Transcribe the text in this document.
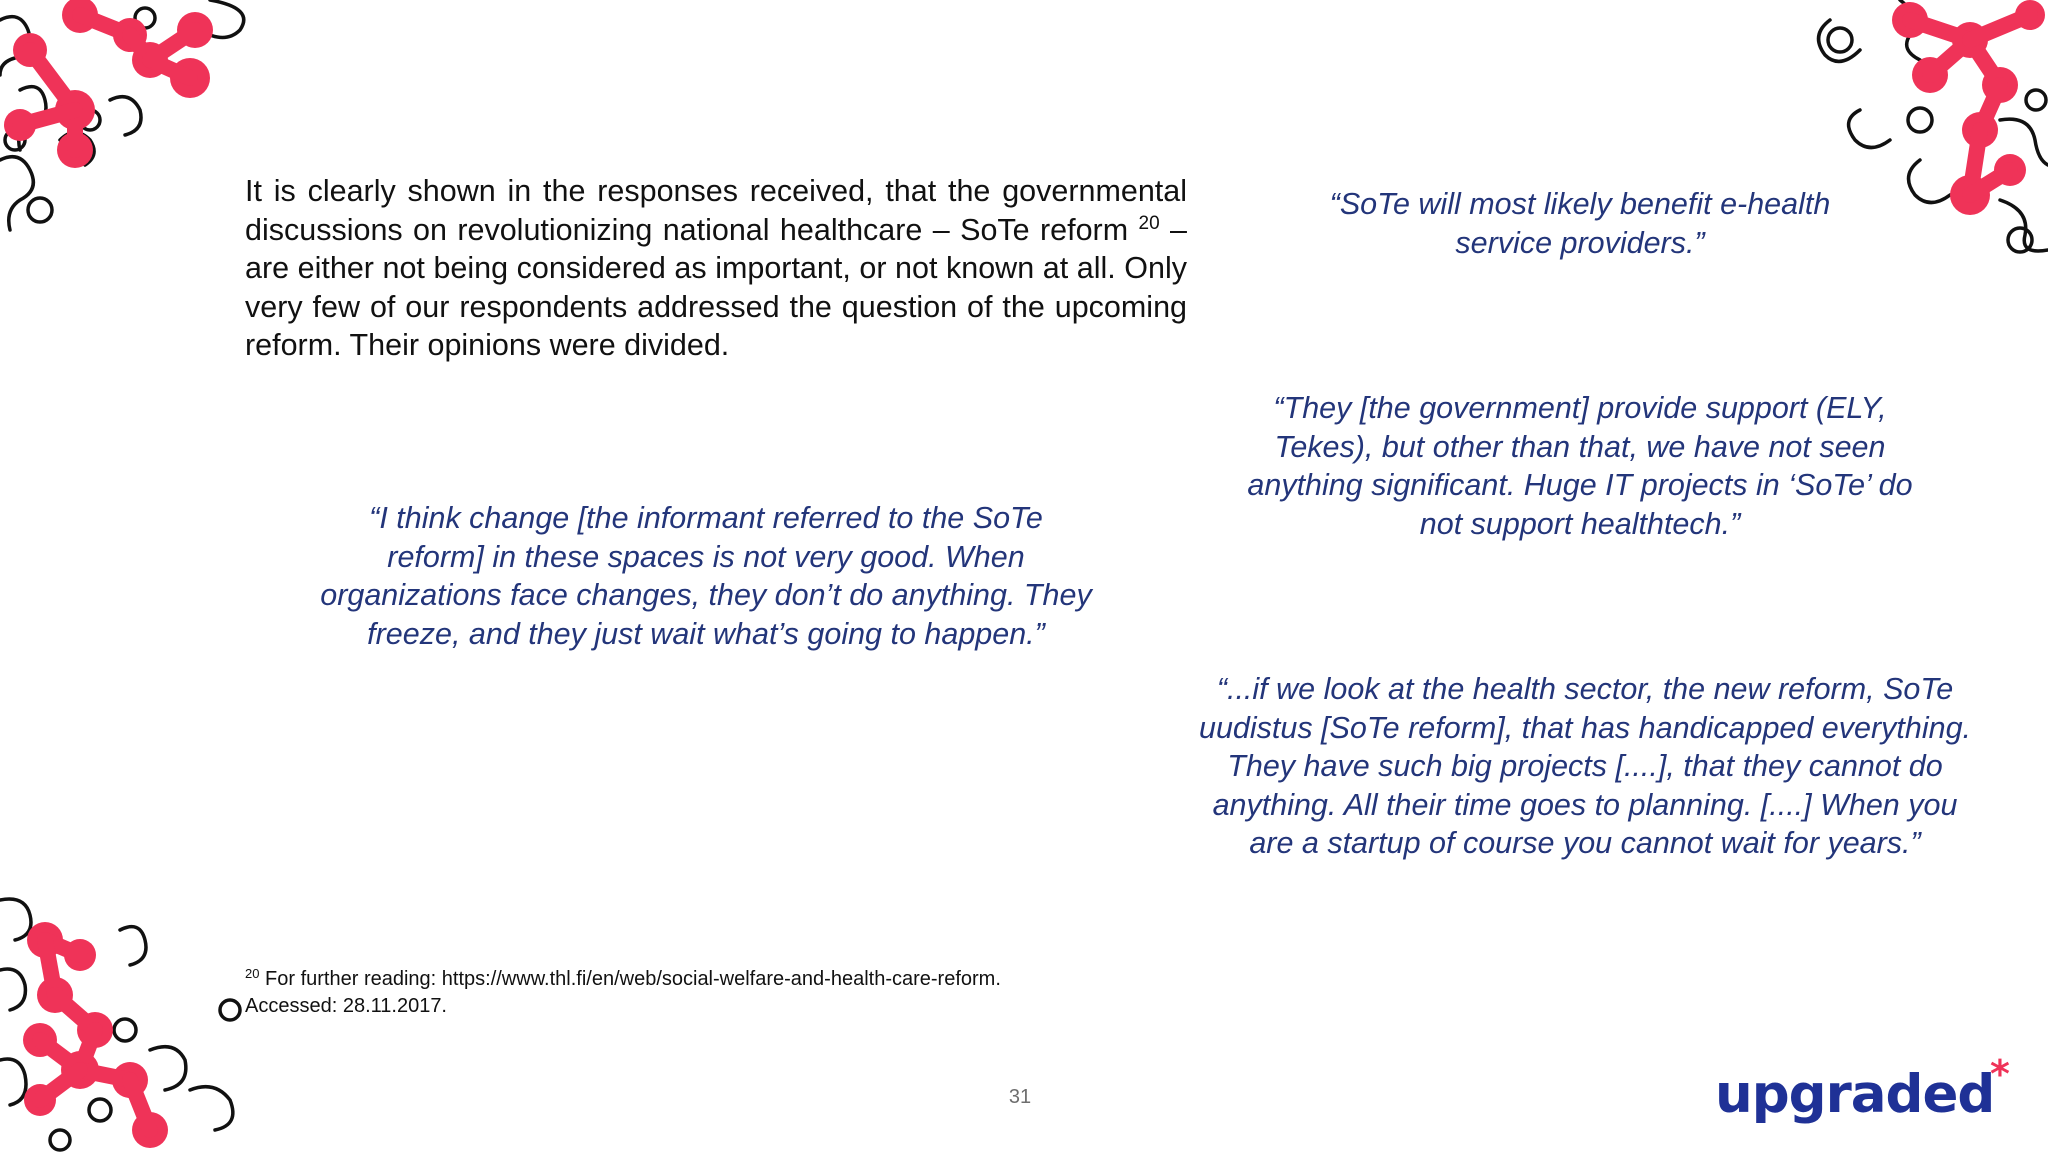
It is clearly shown in the responses received, that the governmental discussions on revolutionizing national healthcare – SoTe reform $^{20}$ – are either not being considered as important, or not known at all. Only very few of our respondents addressed the question of the upcoming reform. Their opinions were divided.

“I think change [the informant referred to the SoTe reform] in these spaces is not very good. When organizations face changes, they don’t do anything. They freeze, and they just wait what’s going to happen.”

“SoTe will most likely benefit e-health service providers.”

“They [the government] provide support (ELY, Tekes), but other than that, we have not seen anything significant. Huge IT projects in ‘SoTe’ do not support healthtech.”

“...if we look at the health sector, the new reform, SoTe uudistus [SoTe reform], that has handicapped everything. They have such big projects [....], that they cannot do anything. All their time goes to planning. [....] When you are a startup of course you cannot wait for years.”

$^{20}$ For further reading: https://www.thl.fi/en/web/social-welfare-and-health-care-reform.
Accessed: 28.11.2017.

31	upgraded
*
